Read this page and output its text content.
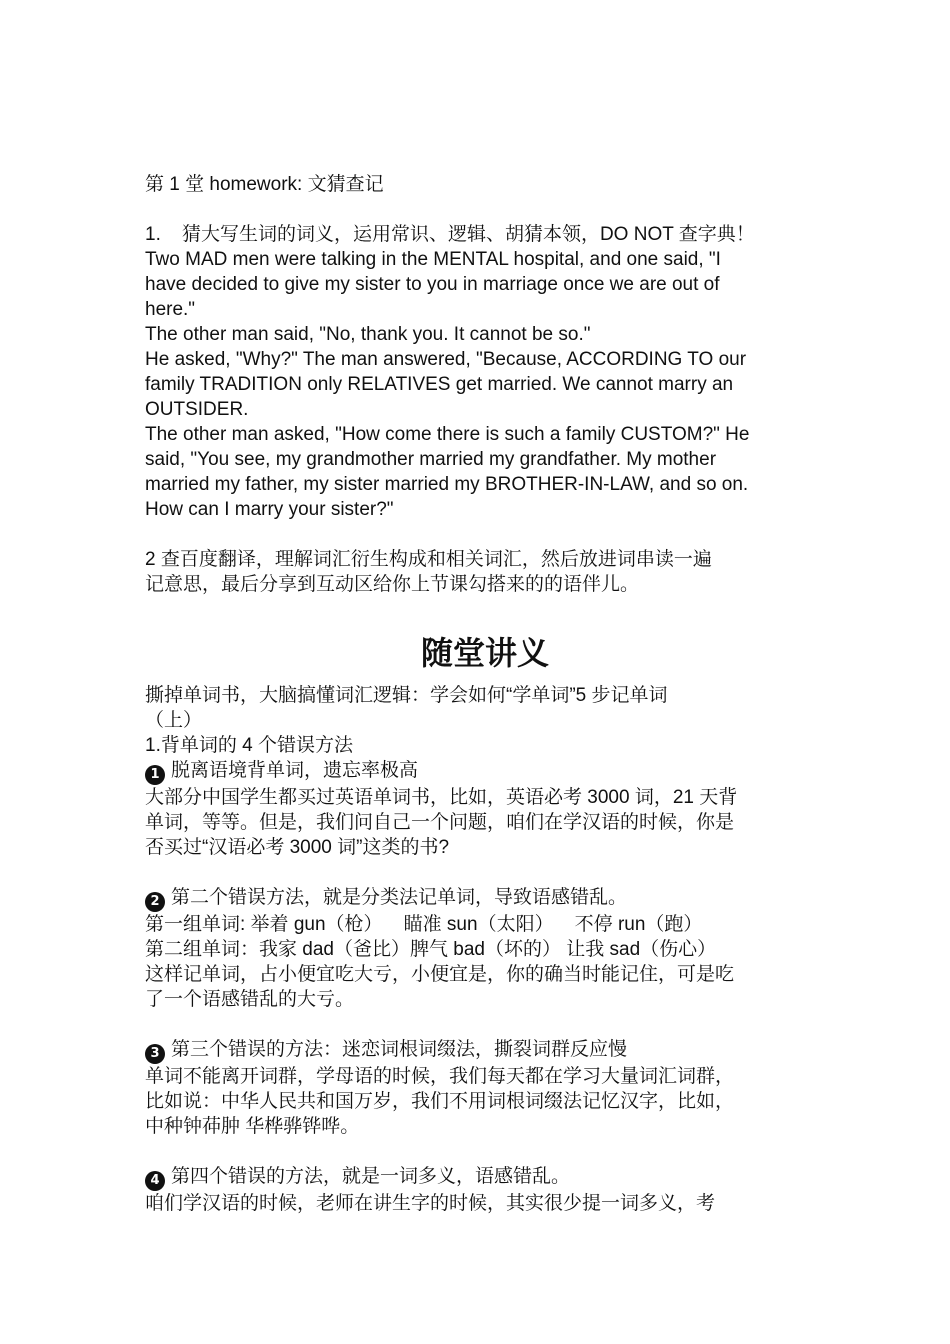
第 1 堂 homework: 文猜查记
1.    猜大写生词的词义，运用常识、逻辑、胡猜本领，DO NOT 查字典！
Two MAD men were talking in the MENTAL hospital, and one said, "I
have decided to give my sister to you in marriage once we are out of
here."
The other man said, "No, thank you. It cannot be so."
He asked, "Why?" The man answered, "Because, ACCORDING TO our
family TRADITION only RELATIVES get married. We cannot marry an
OUTSIDER.
The other man asked, "How come there is such a family CUSTOM?" He
said, "You see, my grandmother married my grandfather. My mother
married my father, my sister married my BROTHER-IN-LAW, and so on.
How can I marry your sister?"
2 查百度翻译，理解词汇衍生构成和相关词汇，然后放进词串读一遍
记意思，最后分享到互动区给你上节课勾搭来的的语伴儿。
随堂讲义
撕掉单词书，大脑搞懂词汇逻辑：学会如何“学单词”5 步记单词
（上）
1.背单词的 4 个错误方法
1 脱离语境背单词，遗忘率极高
大部分中国学生都买过英语单词书，比如，英语必考 3000 词，21 天背
单词，等等。但是，我们问自己一个问题，咱们在学汉语的时候，你是
否买过“汉语必考 3000 词”这类的书?
2 第二个错误方法，就是分类法记单词，导致语感错乱。
第一组单词: 举着 gun（枪）    瞄准 sun（太阳）    不停 run（跑）
第二组单词：我家 dad（爸比）脾气 bad（坏的） 让我 sad（伤心）
这样记单词，占小便宜吃大亏，小便宜是，你的确当时能记住，可是吃
了一个语感错乱的大亏。
3 第三个错误的方法：迷恋词根词缀法，撕裂词群反应慢
单词不能离开词群，学母语的时候，我们每天都在学习大量词汇词群，
比如说：中华人民共和国万岁，我们不用词根词缀法记忆汉字，比如，
中种钟茽肿 华桦骅铧哗。
4 第四个错误的方法，就是一词多义，语感错乱。
咱们学汉语的时候，老师在讲生字的时候，其实很少提一词多义，考
